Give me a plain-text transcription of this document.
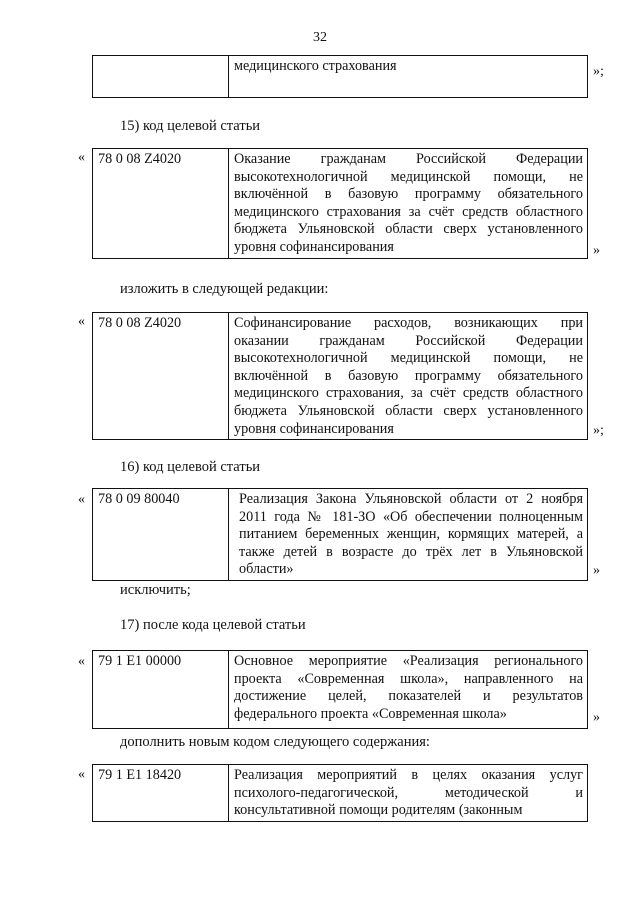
32
	медицинского страхования	»;
15) код целевой статьи
« 78 0 08 Z4020	Оказание гражданам Российской Федерации высокотехнологичной медицинской помощи, не включённой в базовую программу обязательного медицинского страхования за счёт средств областного бюджета Ульяновской области сверх установленного уровня софинансирования	»
изложить в следующей редакции:
« 78 0 08 Z4020	Софинансирование расходов, возникающих при оказании гражданам Российской Федерации высокотехнологичной медицинской помощи, не включённой в базовую программу обязательного медицинского страхования, за счёт средств областного бюджета Ульяновской области сверх установленного уровня софинансирования	»;
16) код целевой статьи
« 78 0 09 80040	Реализация Закона Ульяновской области от 2 ноября 2011 года № 181-ЗО «Об обеспечении полноценным питанием беременных женщин, кормящих матерей, а также детей в возрасте до трёх лет в Ульяновской области»	»
исключить;
17) после кода целевой статьи
« 79 1 E1 00000	Основное мероприятие «Реализация регионального проекта «Современная школа», направленного на достижение целей, показателей и результатов федерального проекта «Современная школа»	»
дополнить новым кодом следующего содержания:
« 79 1 E1 18420	Реализация мероприятий в целях оказания услуг психолого-педагогической, методической и консультативной помощи родителям (законным
